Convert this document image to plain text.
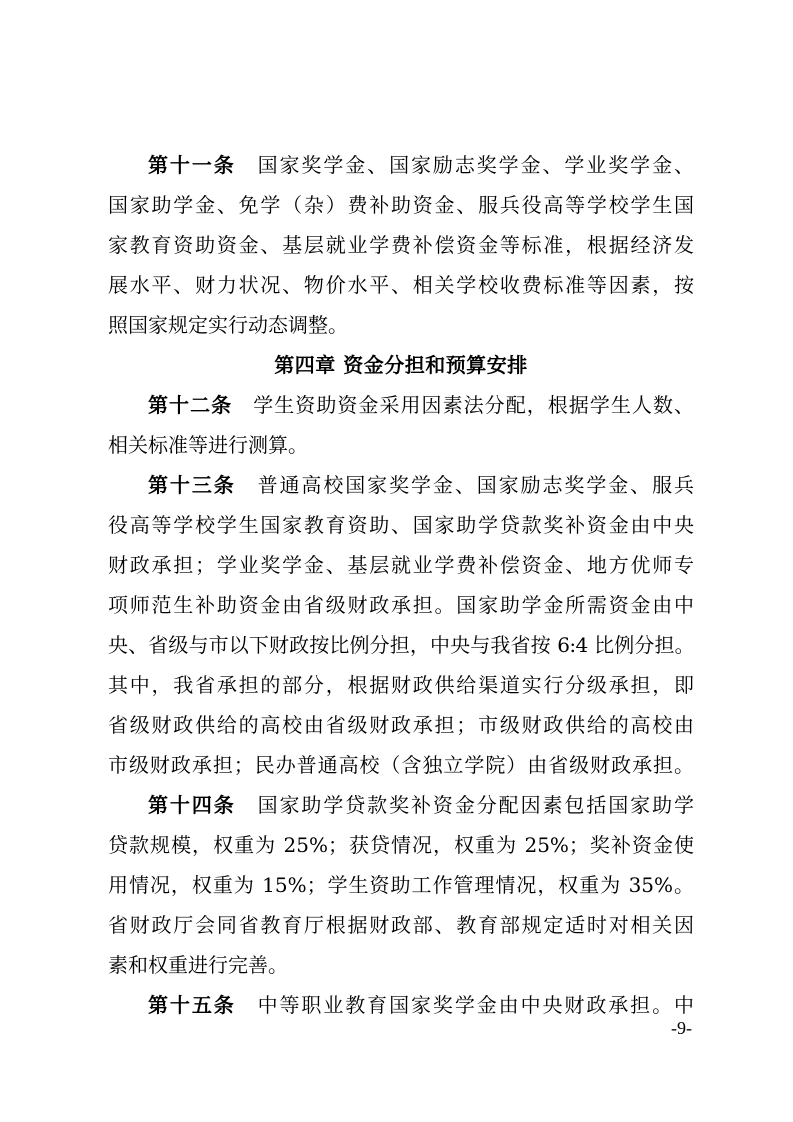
第十一条 国家奖学金、国家励志奖学金、学业奖学金、
国家助学金、免学（杂）费补助资金、服兵役高等学校学生国
家教育资助资金、基层就业学费补偿资金等标准，根据经济发
展水平、财力状况、物价水平、相关学校收费标准等因素，按
照国家规定实行动态调整。
第四章 资金分担和预算安排
第十二条 学生资助资金采用因素法分配，根据学生人数、
相关标准等进行测算。
第十三条 普通高校国家奖学金、国家励志奖学金、服兵
役高等学校学生国家教育资助、国家助学贷款奖补资金由中央
财政承担；学业奖学金、基层就业学费补偿资金、地方优师专
项师范生补助资金由省级财政承担。国家助学金所需资金由中
央、省级与市以下财政按比例分担，中央与我省按 6:4 比例分担。
其中，我省承担的部分，根据财政供给渠道实行分级承担，即
省级财政供给的高校由省级财政承担；市级财政供给的高校由
市级财政承担；民办普通高校（含独立学院）由省级财政承担。
第十四条 国家助学贷款奖补资金分配因素包括国家助学
贷款规模，权重为 25%；获贷情况，权重为 25%；奖补资金使
用情况，权重为 15%；学生资助工作管理情况，权重为 35%。
省财政厅会同省教育厅根据财政部、教育部规定适时对相关因
素和权重进行完善。
第十五条 中等职业教育国家奖学金由中央财政承担。中
-9-
